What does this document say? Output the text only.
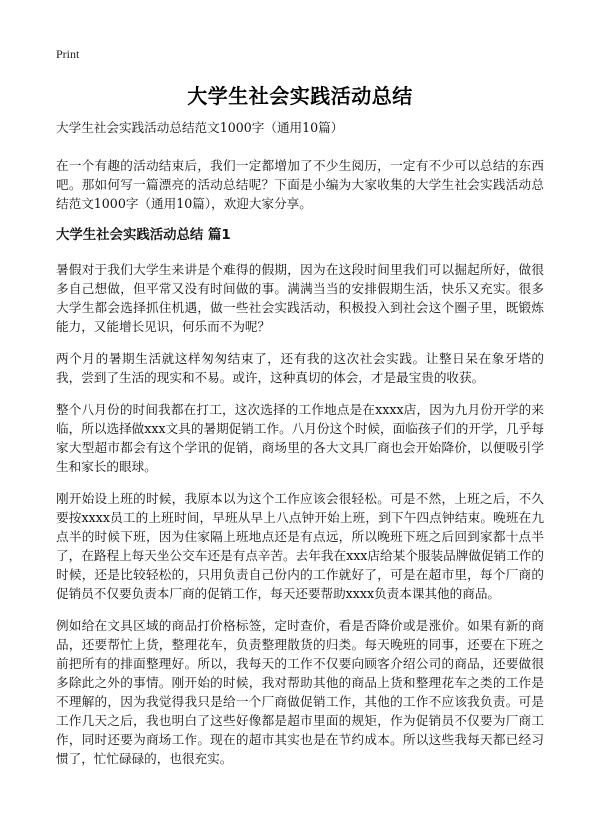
Print
大学生社会实践活动总结
大学生社会实践活动总结范文1000字（通用10篇）

在一个有趣的活动结束后，我们一定都增加了不少生阅历，一定有不少可以总结的东西吧。那如何写一篇漂亮的活动总结呢？下面是小编为大家收集的大学生社会实践活动总结范文1000字（通用10篇），欢迎大家分享。

大学生社会实践活动总结 篇1

暑假对于我们大学生来讲是个难得的假期，因为在这段时间里我们可以掘起所好，做很多自己想做，但平常又没有时间做的事。满满当当的安排假期生活，快乐又充实。很多大学生都会选择抓住机遇，做一些社会实践活动，积极投入到社会这个圈子里，既锻炼能力，又能增长见识，何乐而不为呢？

两个月的暑期生活就这样匆匆结束了，还有我的这次社会实践。让整日呆在象牙塔的我，尝到了生活的现实和不易。或许，这种真切的体会，才是最宝贵的收获。

整个八月份的时间我都在打工，这次选择的工作地点是在xxxx店，因为九月份开学的来临，所以选择做xxx文具的暑期促销工作。八月份这个时候，面临孩子们的开学，几乎每家大型超市都会有这个学讯的促销，商场里的各大文具厂商也会开始降价，以便吸引学生和家长的眼球。

刚开始设上班的时候，我原本以为这个工作应该会很轻松。可是不然，上班之后，不久要按xxxx员工的上班时间，早班从早上八点钟开始上班，到下午四点钟结束。晚班在九点半的时候下班，因为住家隔上班地点还是有点远，所以晚班下班之后回到家都十点半了，在路程上每天坐公交车还是有点辛苦。去年我在xxx店给某个服装品牌做促销工作的时候，还是比较轻松的，只用负责自己份内的工作就好了，可是在超市里，每个厂商的促销员不仅要负责本厂商的促销工作，每天还要帮助xxxx负责本课其他的商品。

例如给在文具区域的商品打价格标签，定时查价，看是否降价或是涨价。如果有新的商品，还要帮忙上货，整理花车，负责整理散货的归类。每天晚班的同事，还要在下班之前把所有的排面整理好。所以，我每天的工作不仅要向顾客介绍公司的商品，还要做很多除此之外的事情。刚开始的时候，我对帮助其他的商品上货和整理花车之类的工作是不理解的，因为我觉得我只是给一个厂商做促销工作，其他的工作不应该我负责。可是工作几天之后，我也明白了这些好像都是超市里面的规矩，作为促销员不仅要为厂商工作，同时还要为商场工作。现在的超市其实也是在节约成本。所以这些我每天都已经习惯了，忙忙碌碌的，也很充实。
